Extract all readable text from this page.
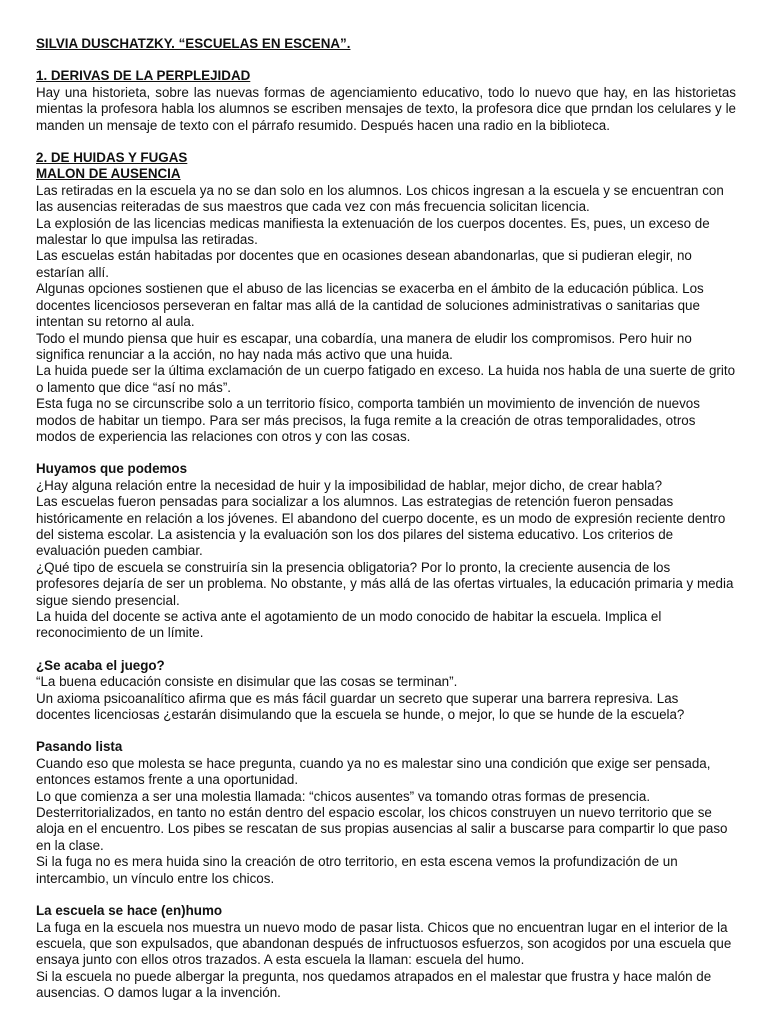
SILVIA DUSCHATZKY. “ESCUELAS EN ESCENA”.

1. DERIVAS DE LA PERPLEJIDAD

Hay una historieta, sobre las nuevas formas de agenciamiento educativo, todo lo nuevo que hay, en las historietas mientas la profesora habla los alumnos se escriben mensajes de texto, la profesora dice que prndan los celulares y le manden un mensaje de texto con el párrafo resumido. Después hacen una radio en la biblioteca.

2. DE HUIDAS Y FUGAS

MALON DE AUSENCIA

Las retiradas en la escuela ya no se dan solo en los alumnos. Los chicos ingresan a la escuela y se encuentran con las ausencias reiteradas de sus maestros que cada vez con más frecuencia solicitan licencia.

La explosión de las licencias medicas manifiesta la extenuación de los cuerpos docentes. Es, pues, un exceso de malestar lo que impulsa las retiradas.

Las escuelas están habitadas por docentes que en ocasiones desean abandonarlas, que si pudieran elegir, no estarían allí.

Algunas opciones sostienen que el abuso de las licencias se exacerba en el ámbito de la educación pública. Los docentes licenciosos perseveran en faltar mas allá de la cantidad de soluciones administrativas o sanitarias que intentan su retorno al aula.

Todo el mundo piensa que huir es escapar, una cobardía, una manera de eludir los compromisos. Pero huir no significa renunciar a la acción, no hay nada más activo que una huida.

La huida puede ser la última exclamación de un cuerpo fatigado en exceso. La huida nos habla de una suerte de grito o lamento que dice “así no más”.

Esta fuga no se circunscribe solo a un territorio físico, comporta también un movimiento de invención de nuevos modos de habitar un tiempo. Para ser más precisos, la fuga remite a la creación de otras temporalidades, otros modos de experiencia las relaciones con otros y con las cosas.

Huyamos que podemos

¿Hay alguna relación entre la necesidad de huir y la imposibilidad de hablar, mejor dicho, de crear habla?

Las escuelas fueron pensadas para socializar a los alumnos. Las estrategias de retención fueron pensadas históricamente en relación a los jóvenes. El abandono del cuerpo docente, es un modo de expresión reciente dentro del sistema escolar. La asistencia y la evaluación son los dos pilares del sistema educativo. Los criterios de evaluación pueden cambiar.

¿Qué tipo de escuela se construiría sin la presencia obligatoria? Por lo pronto, la creciente ausencia de los profesores dejaría de ser un problema. No obstante, y más allá de las ofertas virtuales, la educación primaria y media sigue siendo presencial.

La huida del docente se activa ante el agotamiento de un modo conocido de habitar la escuela. Implica el reconocimiento de un límite.

¿Se acaba el juego?

“La buena educación consiste en disimular que las cosas se terminan”.

Un axioma psicoanalítico afirma que es más fácil guardar un secreto que superar una barrera represiva. Las docentes licenciosas ¿estarán disimulando que la escuela se hunde, o mejor, lo que se hunde de la escuela?

Pasando lista

Cuando eso que molesta se hace pregunta, cuando ya no es malestar sino una condición que exige ser pensada, entonces estamos frente a una oportunidad.

Lo que comienza a ser una molestia llamada: “chicos ausentes” va tomando otras formas de presencia. Desterritorializados, en tanto no están dentro del espacio escolar, los chicos construyen un nuevo territorio que se aloja en el encuentro. Los pibes se rescatan de sus propias ausencias al salir a buscarse para compartir lo que paso en la clase.

Si la fuga no es mera huida sino la creación de otro territorio, en esta escena vemos la profundización de un intercambio, un vínculo entre los chicos.

La escuela se hace (en)humo

La fuga en la escuela nos muestra un nuevo modo de pasar lista. Chicos que no encuentran lugar en el interior de la escuela, que son expulsados, que abandonan después de infructuosos esfuerzos, son acogidos por una escuela que ensaya junto con ellos otros trazados. A esta escuela la llaman: escuela del humo.

Si la escuela no puede albergar la pregunta, nos quedamos atrapados en el malestar que frustra y hace malón de ausencias. O damos lugar a la invención.
